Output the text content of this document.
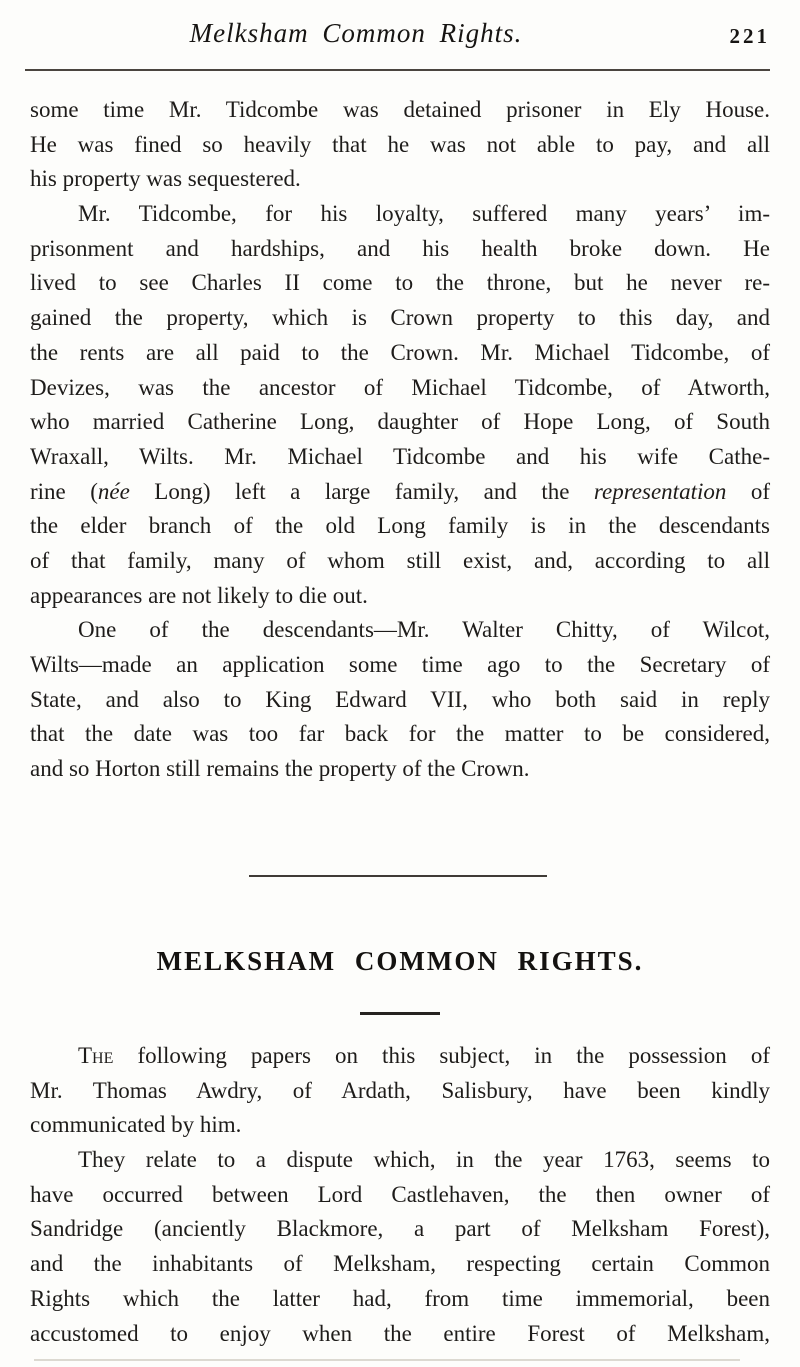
Melksham Common Rights.	221
some time Mr. Tidcombe was detained prisoner in Ely House.
He was fined so heavily that he was not able to pay, and all
his property was sequestered.
Mr. Tidcombe, for his loyalty, suffered many years’ im-
prisonment and hardships, and his health broke down. He
lived to see Charles II come to the throne, but he never re-
gained the property, which is Crown property to this day, and
the rents are all paid to the Crown. Mr. Michael Tidcombe, of
Devizes, was the ancestor of Michael Tidcombe, of Atworth,
who married Catherine Long, daughter of Hope Long, of South
Wraxall, Wilts. Mr. Michael Tidcombe and his wife Cathe-
rine (née Long) left a large family, and the representation of
the elder branch of the old Long family is in the descendants
of that family, many of whom still exist, and, according to all
appearances are not likely to die out.
One of the descendants—Mr. Walter Chitty, of Wilcot,
Wilts—made an application some time ago to the Secretary of
State, and also to King Edward VII, who both said in reply
that the date was too far back for the matter to be considered,
and so Horton still remains the property of the Crown.
MELKSHAM COMMON RIGHTS.
The following papers on this subject, in the possession of
Mr. Thomas Awdry, of Ardath, Salisbury, have been kindly
communicated by him.
They relate to a dispute which, in the year 1763, seems to
have occurred between Lord Castlehaven, the then owner of
Sandridge (anciently Blackmore, a part of Melksham Forest),
and the inhabitants of Melksham, respecting certain Common
Rights which the latter had, from time immemorial, been
accustomed to enjoy when the entire Forest of Melksham,
